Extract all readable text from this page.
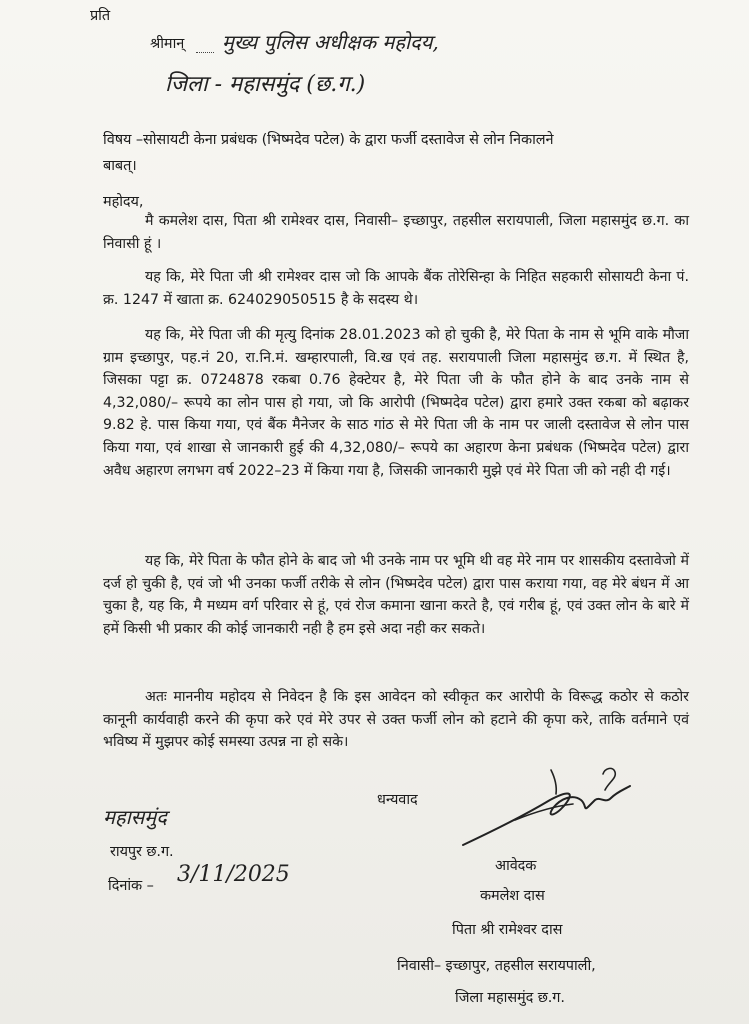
प्रति
श्रीमान् मुख्य पुलिस अधीक्षक महोदय,
जिला - महासमुंद (छ.ग.)
विषय –सोसायटी केना प्रबंधक (भिष्मदेव पटेल) के द्वारा फर्जी दस्तावेज से लोन निकालने
बाबत्।
महोदय,
मै कमलेश दास, पिता श्री रामेश्वर दास, निवासी– इच्छापुर, तहसील सरायपाली, जिला महासमुंद छ.ग. का निवासी हूं ।
यह कि, मेरे पिता जी श्री रामेश्वर दास जो कि आपके बैंक तोरेसिन्हा के निहित सहकारी सोसायटी केना पं. क्र. 1247 में खाता क्र. 624029050515 है के सदस्य थे।
यह कि, मेरे पिता जी की मृत्यु दिनांक 28.01.2023 को हो चुकी है, मेरे पिता के नाम से भूमि वाके मौजा ग्राम इच्छापुर, पह.नं 20, रा.नि.मं. खम्हारपाली, वि.ख एवं तह. सरायपाली जिला महासमुंद छ.ग. में स्थित है, जिसका पट्टा क्र. 0724878 रकबा 0.76 हेक्टेयर है, मेरे पिता जी के फौत होने के बाद उनके नाम से 4,32,080/– रूपये का लोन पास हो गया, जो कि आरोपी (भिष्मदेव पटेल) द्वारा हमारे उक्त रकबा को बढ़ाकर 9.82 हे. पास किया गया, एवं बैंक मैनेजर के साठ गांठ से मेरे पिता जी के नाम पर जाली दस्तावेज से लोन पास किया गया, एवं शाखा से जानकारी हुई की 4,32,080/– रूपये का अहारण केना प्रबंधक (भिष्मदेव पटेल) द्वारा अवैध अहारण लगभग वर्ष 2022–23 में किया गया है, जिसकी जानकारी मुझे एवं मेरे पिता जी को नही दी गई।
यह कि, मेरे पिता के फौत होने के बाद जो भी उनके नाम पर भूमि थी वह मेरे नाम पर शासकीय दस्तावेजो में दर्ज हो चुकी है, एवं जो भी उनका फर्जी तरीके से लोन (भिष्मदेव पटेल) द्वारा पास कराया गया, वह मेरे बंधन में आ चुका है, यह कि, मै मध्यम वर्ग परिवार से हूं, एवं रोज कमाना खाना करते है, एवं गरीब हूं, एवं उक्त लोन के बारे में हमें किसी भी प्रकार की कोई जानकारी नही है हम इसे अदा नही कर सकते।
अतः माननीय महोदय से निवेदन है कि इस आवेदन को स्वीकृत कर आरोपी के विरूद्ध कठोर से कठोर कानूनी कार्यवाही करने की कृपा करे एवं मेरे उपर से उक्त फर्जी लोन को हटाने की कृपा करे, ताकि वर्तमाने एवं भविष्य में मुझपर कोई समस्या उत्पन्न ना हो सके।
धन्यवाद
महासमुंद
रायपुर छ.ग.
दिनांक – 3/11/2025	आवेदक
कमलेश दास
पिता श्री रामेश्वर दास
निवासी– इच्छापुर, तहसील सरायपाली,
जिला महासमुंद छ.ग.
